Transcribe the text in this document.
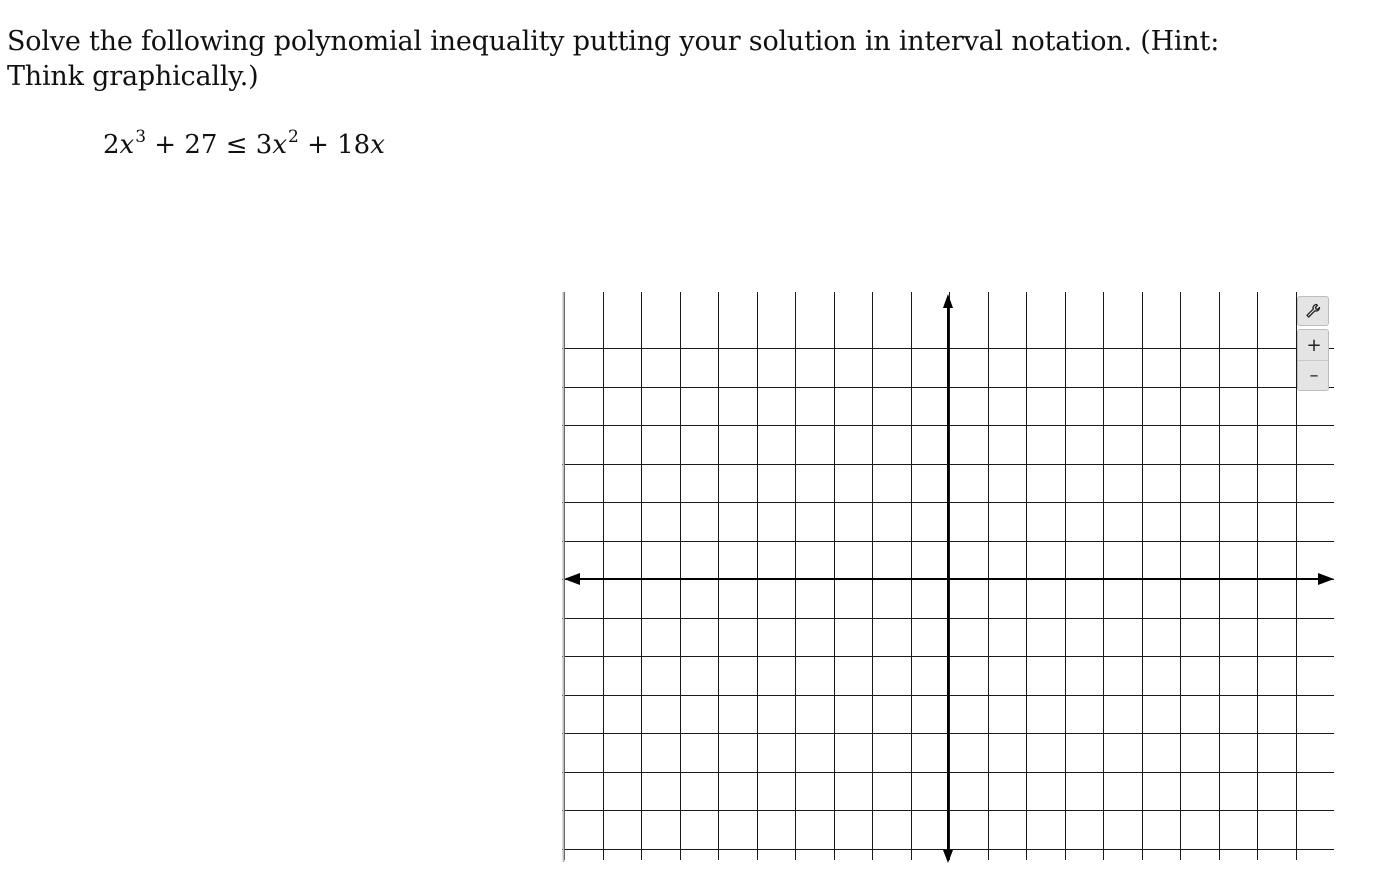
Solve the following polynomial inequality putting your solution in interval notation. (Hint: Think graphically.)

$2x^3 + 27 \le 3x^2 + 18x$
+
–
